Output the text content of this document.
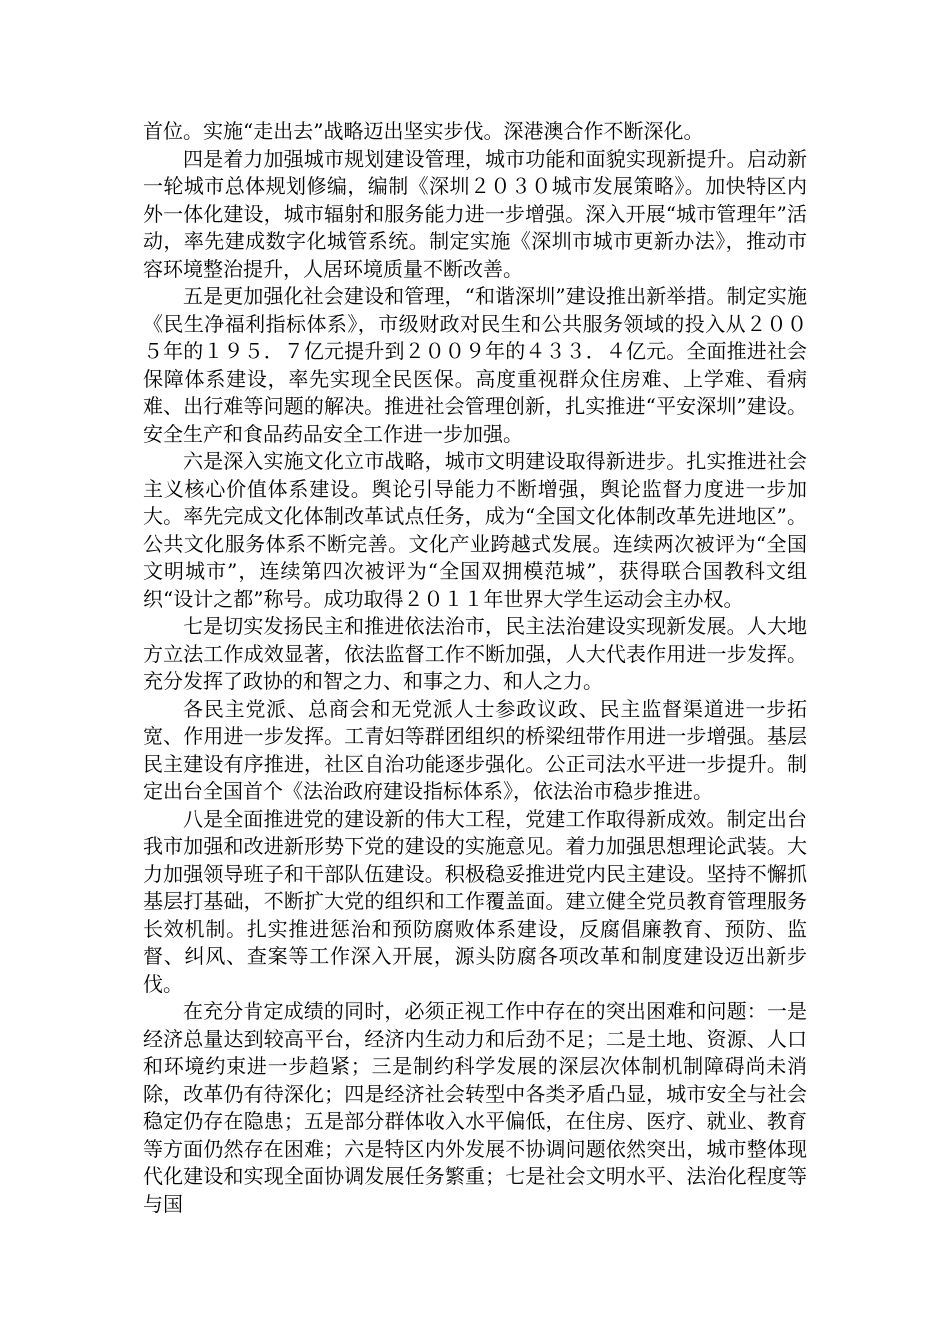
首位。实施“走出去”战略迈出坚实步伐。深港澳合作不断深化。

四是着力加强城市规划建设管理，城市功能和面貌实现新提升。启动新一轮城市总体规划修编，编制《深圳２０３０城市发展策略》。加快特区内外一体化建设，城市辐射和服务能力进一步增强。深入开展“城市管理年”活动，率先建成数字化城管系统。制定实施《深圳市城市更新办法》，推动市容环境整治提升，人居环境质量不断改善。

五是更加强化社会建设和管理，“和谐深圳”建设推出新举措。制定实施《民生净福利指标体系》，市级财政对民生和公共服务领域的投入从２００５年的１９５．７亿元提升到２００９年的４３３．４亿元。全面推进社会保障体系建设，率先实现全民医保。高度重视群众住房难、上学难、看病难、出行难等问题的解决。推进社会管理创新，扎实推进“平安深圳”建设。安全生产和食品药品安全工作进一步加强。

六是深入实施文化立市战略，城市文明建设取得新进步。扎实推进社会主义核心价值体系建设。舆论引导能力不断增强，舆论监督力度进一步加大。率先完成文化体制改革试点任务，成为“全国文化体制改革先进地区”。公共文化服务体系不断完善。文化产业跨越式发展。连续两次被评为“全国文明城市”，连续第四次被评为“全国双拥模范城”，获得联合国教科文组织“设计之都”称号。成功取得２０１１年世界大学生运动会主办权。

七是切实发扬民主和推进依法治市，民主法治建设实现新发展。人大地方立法工作成效显著，依法监督工作不断加强，人大代表作用进一步发挥。充分发挥了政协的和智之力、和事之力、和人之力。

各民主党派、总商会和无党派人士参政议政、民主监督渠道进一步拓宽、作用进一步发挥。工青妇等群团组织的桥梁纽带作用进一步增强。基层民主建设有序推进，社区自治功能逐步强化。公正司法水平进一步提升。制定出台全国首个《法治政府建设指标体系》，依法治市稳步推进。

八是全面推进党的建设新的伟大工程，党建工作取得新成效。制定出台我市加强和改进新形势下党的建设的实施意见。着力加强思想理论武装。大力加强领导班子和干部队伍建设。积极稳妥推进党内民主建设。坚持不懈抓基层打基础，不断扩大党的组织和工作覆盖面。建立健全党员教育管理服务长效机制。扎实推进惩治和预防腐败体系建设，反腐倡廉教育、预防、监督、纠风、查案等工作深入开展，源头防腐各项改革和制度建设迈出新步伐。

在充分肯定成绩的同时，必须正视工作中存在的突出困难和问题：一是经济总量达到较高平台，经济内生动力和后劲不足；二是土地、资源、人口和环境约束进一步趋紧；三是制约科学发展的深层次体制机制障碍尚未消除，改革仍有待深化；四是经济社会转型中各类矛盾凸显，城市安全与社会稳定仍存在隐患；五是部分群体收入水平偏低，在住房、医疗、就业、教育等方面仍然存在困难；六是特区内外发展不协调问题依然突出，城市整体现代化建设和实现全面协调发展任务繁重；七是社会文明水平、法治化程度等与国
